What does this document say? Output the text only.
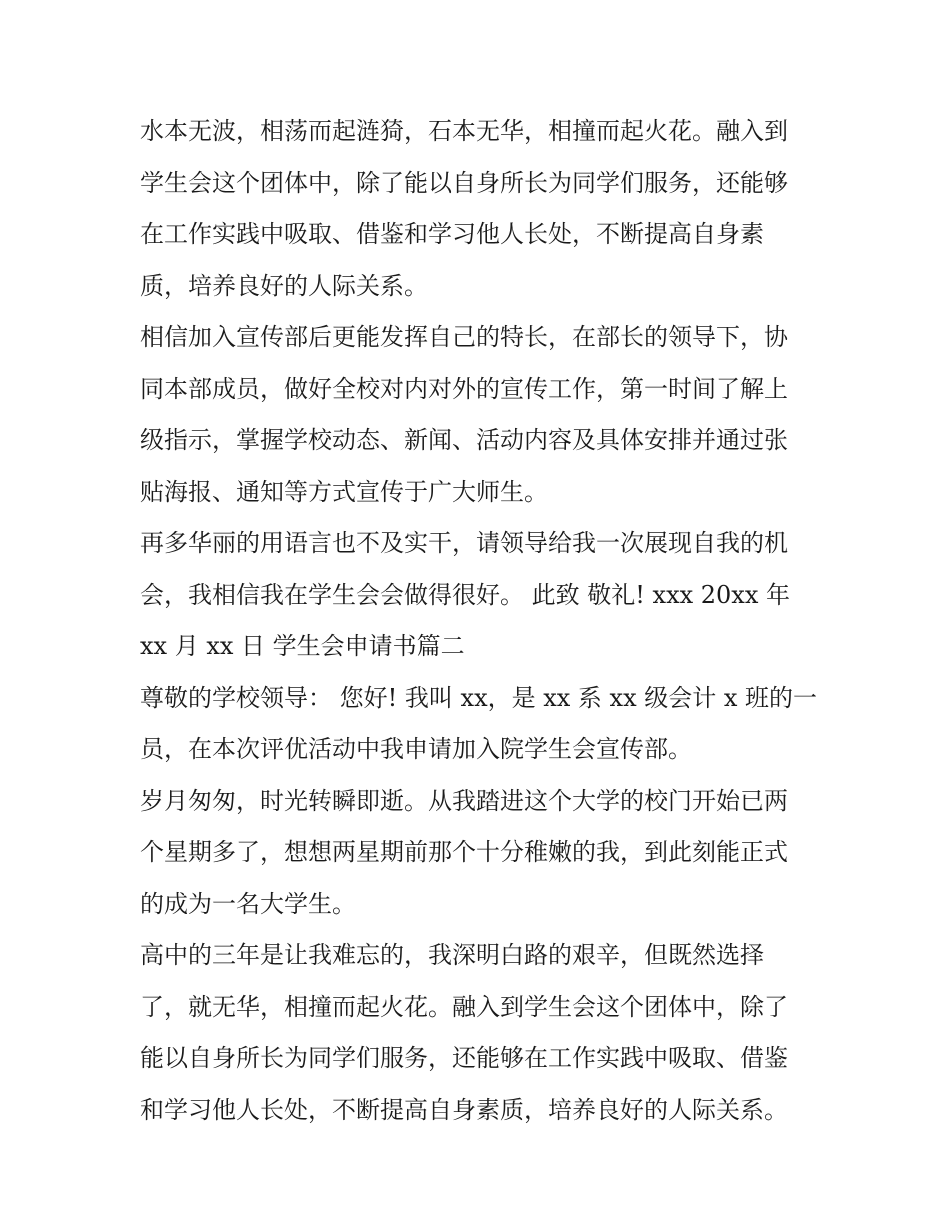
水本无波，相荡而起涟猗，石本无华，相撞而起火花。融入到
学生会这个团体中，除了能以自身所长为同学们服务，还能够
在工作实践中吸取、借鉴和学习他人长处，不断提高自身素
质，培养良好的人际关系。
相信加入宣传部后更能发挥自己的特长，在部长的领导下，协
同本部成员，做好全校对内对外的宣传工作，第一时间了解上
级指示，掌握学校动态、新闻、活动内容及具体安排并通过张
贴海报、通知等方式宣传于广大师生。
再多华丽的用语言也不及实干，请领导给我一次展现自我的机
会，我相信我在学生会会做得很好。 此致 敬礼! xxx 20xx 年
xx 月 xx 日 学生会申请书篇二
尊敬的学校领导： 您好! 我叫 xx，是 xx 系 xx 级会计 x 班的一
员，在本次评优活动中我申请加入院学生会宣传部。
岁月匆匆，时光转瞬即逝。从我踏进这个大学的校门开始已两
个星期多了，想想两星期前那个十分稚嫩的我，到此刻能正式
的成为一名大学生。
高中的三年是让我难忘的，我深明白路的艰辛，但既然选择
了，就无华，相撞而起火花。融入到学生会这个团体中，除了
能以自身所长为同学们服务，还能够在工作实践中吸取、借鉴
和学习他人长处，不断提高自身素质，培养良好的人际关系。
